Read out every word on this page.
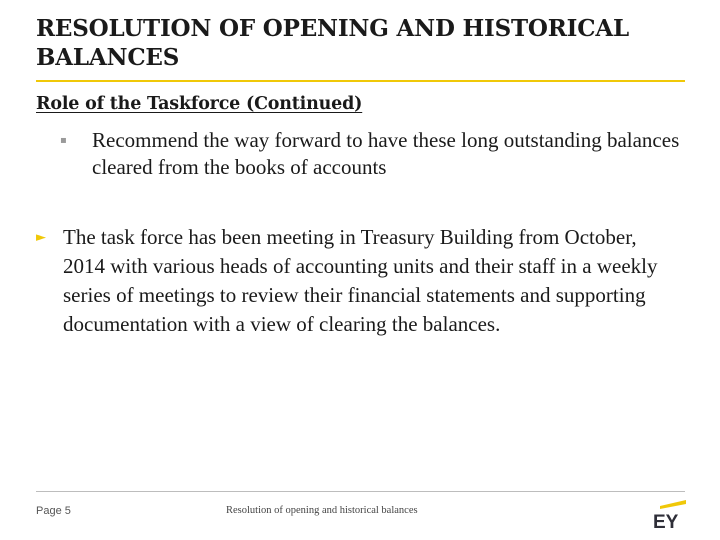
RESOLUTION OF OPENING AND HISTORICAL BALANCES
Role of the Taskforce (Continued)
▪	Recommend the way forward to have these long outstanding balances cleared from the books of accounts
► The task force has been meeting in Treasury Building from October, 2014 with various heads of accounting units and their staff in a weekly series of meetings to review their financial statements and supporting documentation with a view of clearing the balances.
Page 5	Resolution of opening and historical balances
EY
